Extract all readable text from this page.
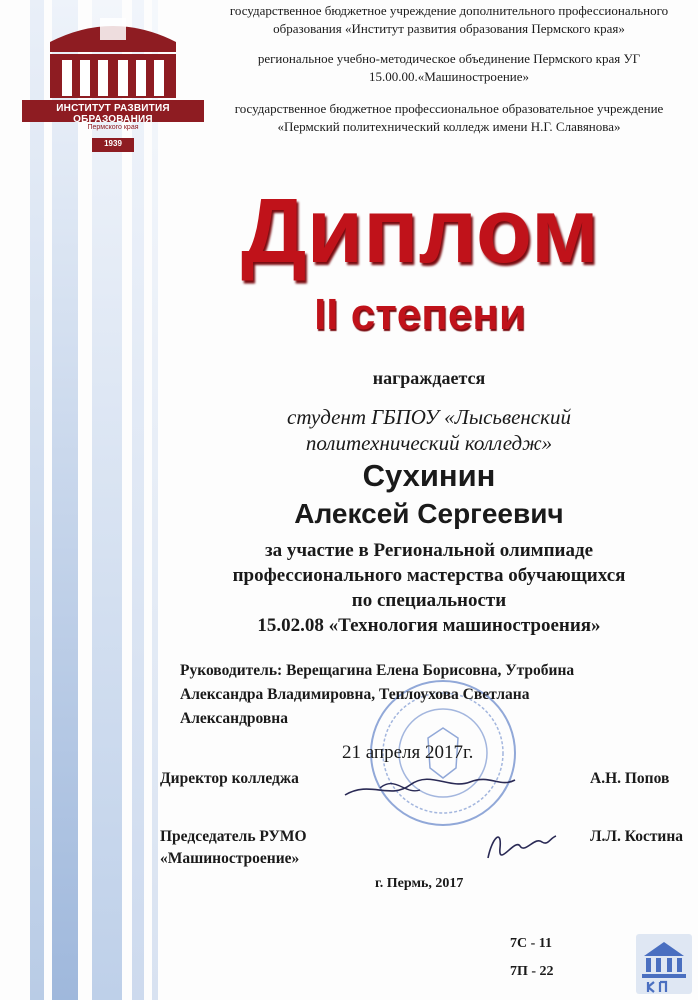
ИНСТИТУТ РАЗВИТИЯ ОБРАЗОВАНИЯ
Пермского края
1939
государственное бюджетное учреждение дополнительного профессионального
образования «Институт развития образования Пермского края»
региональное учебно-методическое объединение Пермского края УГ
15.00.00.«Машиностроение»
государственное бюджетное профессиональное образовательное учреждение
«Пермский политехнический колледж имени Н.Г. Славянова»
Диплом
II степени
награждается
студент ГБПОУ «Лысьвенский
политехнический колледж»
Сухинин
Алексей Сергеевич
за участие в Региональной олимпиаде
профессионального мастерства обучающихся
по специальности
15.02.08 «Технология машиностроения»
Руководитель: Верещагина Елена Борисовна, Утробина
Александра Владимировна, Теплоухова Светлана
Александровна
21 апреля 2017г.
Директор колледжа	А.Н. Попов
Председатель РУМО
«Машиностроение»
Л.Л. Костина
г. Пермь, 2017
7С - 11
7П - 22
